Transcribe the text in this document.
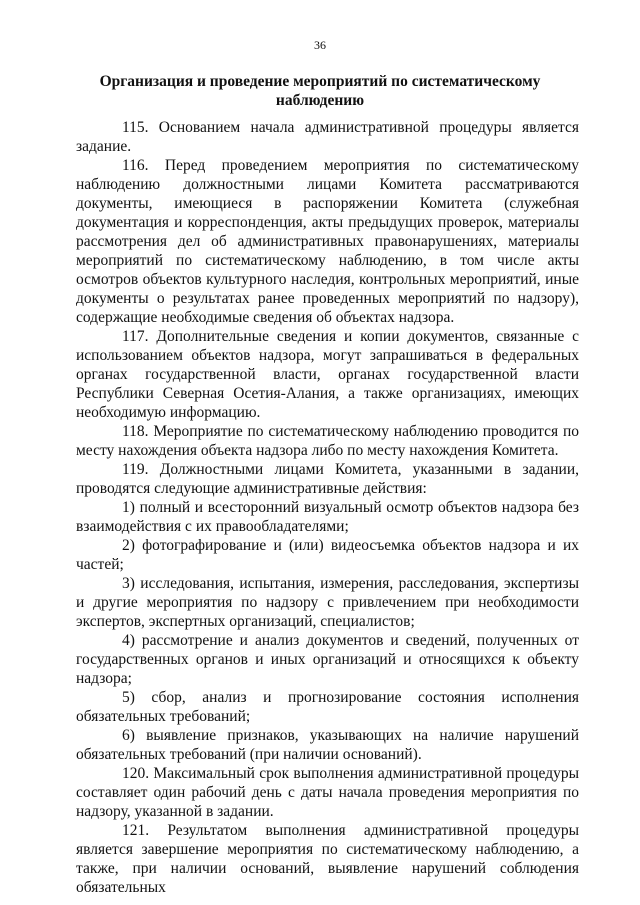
36
Организация и проведение мероприятий по систематическому наблюдению

115. Основанием начала административной процедуры является задание.

116. Перед проведением мероприятия по систематическому наблюдению должностными лицами Комитета рассматриваются документы, имеющиеся в распоряжении Комитета (служебная документация и корреспонденция, акты предыдущих проверок, материалы рассмотрения дел об административных правонарушениях, материалы мероприятий по систематическому наблюдению, в том числе акты осмотров объектов культурного наследия, контрольных мероприятий, иные документы о результатах ранее проведенных мероприятий по надзору), содержащие необходимые сведения об объектах надзора.

117. Дополнительные сведения и копии документов, связанные с использованием объектов надзора, могут запрашиваться в федеральных органах государственной власти, органах государственной власти Республики Северная Осетия-Алания, а также организациях, имеющих необходимую информацию.

118. Мероприятие по систематическому наблюдению проводится по месту нахождения объекта надзора либо по месту нахождения Комитета.

119. Должностными лицами Комитета, указанными в задании, проводятся следующие административные действия:

1) полный и всесторонний визуальный осмотр объектов надзора без взаимодействия с их правообладателями;

2) фотографирование и (или) видеосъемка объектов надзора и их частей;

3) исследования, испытания, измерения, расследования, экспертизы и другие мероприятия по надзору с привлечением при необходимости экспертов, экспертных организаций, специалистов;

4) рассмотрение и анализ документов и сведений, полученных от государственных органов и иных организаций и относящихся к объекту надзора;

5) сбор, анализ и прогнозирование состояния исполнения обязательных требований;

6) выявление признаков, указывающих на наличие нарушений обязательных требований (при наличии оснований).

120. Максимальный срок выполнения административной процедуры составляет один рабочий день с даты начала проведения мероприятия по надзору, указанной в задании.

121. Результатом выполнения административной процедуры является завершение мероприятия по систематическому наблюдению, а также, при наличии оснований, выявление нарушений соблюдения обязательных
